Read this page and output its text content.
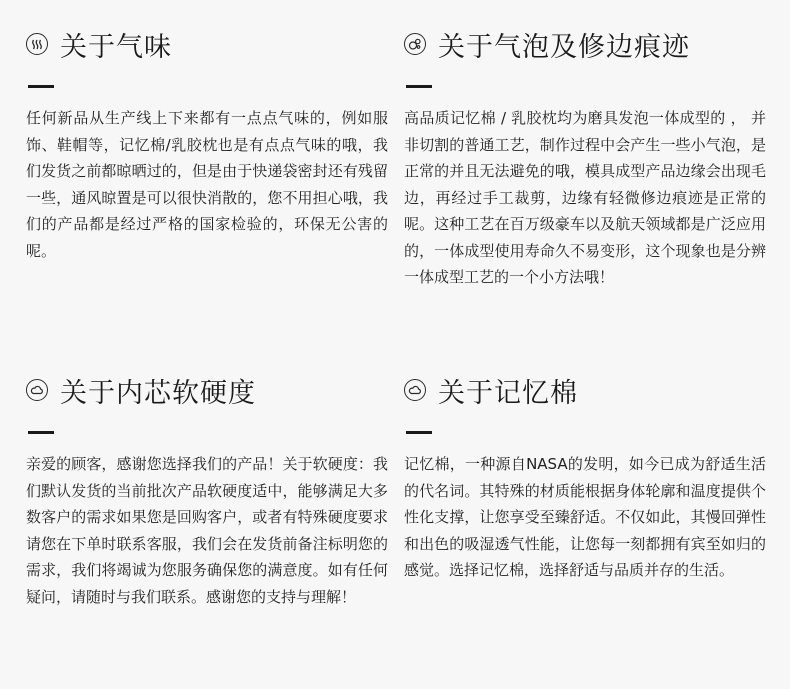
关于气味
任何新品从生产线上下来都有一点点气味的，例如服饰、鞋帽等，记忆棉/乳胶枕也是有点点气味的哦，我们发货之前都晾晒过的，但是由于快递袋密封还有残留一些，通风晾置是可以很快消散的，您不用担心哦，我们的产品都是经过严格的国家检验的，环保无公害的呢。
关于气泡及修边痕迹
高品质记忆棉 / 乳胶枕均为磨具发泡一体成型的 ， 并非切割的普通工艺，制作过程中会产生一些小气泡，是正常的并且无法避免的哦，模具成型产品边缘会出现毛边，再经过手工裁剪，边缘有轻微修边痕迹是正常的呢。这种工艺在百万级豪车以及航天领域都是广泛应用的，一体成型使用寿命久不易变形，这个现象也是分辨一体成型工艺的一个小方法哦！
关于内芯软硬度
亲爱的顾客，感谢您选择我们的产品！关于软硬度：我们默认发货的当前批次产品软硬度适中，能够满足大多数客户的需求如果您是回购客户，或者有特殊硬度要求请您在下单时联系客服，我们会在发货前备注标明您的需求，我们将竭诚为您服务确保您的满意度。如有任何疑问，请随时与我们联系。感谢您的支持与理解！
关于记忆棉
记忆棉，一种源自NASA的发明，如今已成为舒适生活的代名词。其特殊的材质能根据身体轮廓和温度提供个性化支撑，让您享受至臻舒适。不仅如此，其慢回弹性和出色的吸湿透气性能，让您每一刻都拥有宾至如归的感觉。选择记忆棉，选择舒适与品质并存的生活。
